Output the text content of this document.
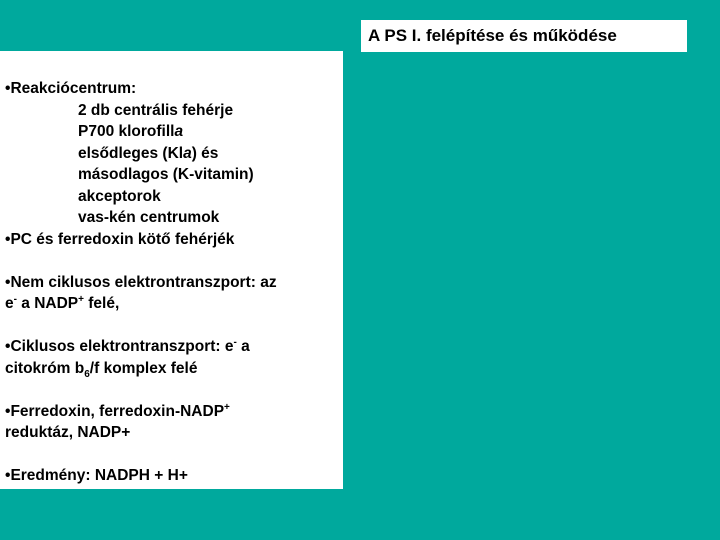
A PS I. felépítése és működése
•Reakciócentrum:
2 db centrális fehérje
P700 klorofilla
elsődleges (Kla) és
másodlagos (K-vitamin)
akceptorok
vas-kén centrumok
•PC és ferredoxin kötő fehérjék
•Nem ciklusos elektrontranszport: az
e- a NADP+ felé,
•Ciklusos elektrontranszport: e- a
citokróm $b_6/f$ komplex felé
•Ferredoxin, ferredoxin-NADP+
reduktáz, NADP+
•Eredmény: NADPH + H+
